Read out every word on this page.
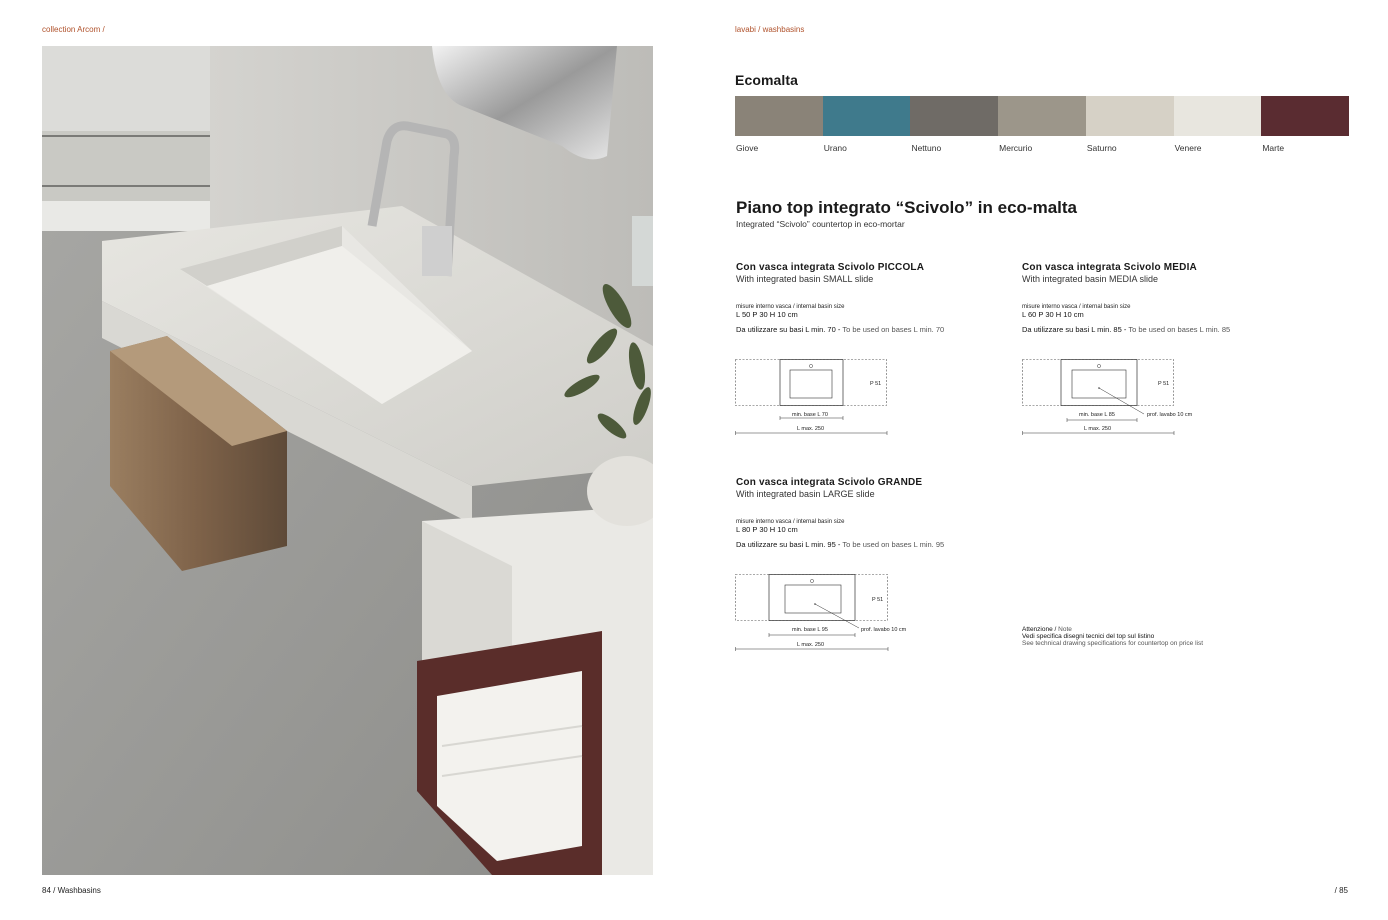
collection Arcom /	lavabi / washbasins
84 / Washbasins	/ 85
Ecomalta
Giove	Urano	Nettuno	Mercurio	Saturno	Venere	Marte
Piano top integrato “Scivolo” in eco-malta
Integrated “Scivolo” countertop in eco-mortar
Con vasca integrata Scivolo PICCOLA
With integrated basin SMALL slide
misure interno vasca / internal basin size
L 50 P 30 H 10 cm
Da utilizzare su basi L min. 70 - To be used on bases L min. 70
P 51
min. base L 70
L max. 250
Con vasca integrata Scivolo MEDIA
With integrated basin MEDIA slide
misure interno vasca / internal basin size
L 60 P 30 H 10 cm
Da utilizzare su basi L min. 85 - To be used on bases L min. 85
P 51
prof. lavabo 10 cm
min. base L 85
L max. 250
Con vasca integrata Scivolo GRANDE
With integrated basin LARGE slide
misure interno vasca / internal basin size
L 80 P 30 H 10 cm
Da utilizzare su basi L min. 95 - To be used on bases L min. 95
P 51
prof. lavabo 10 cm
min. base L 95
L max. 250
Attenzione / Note
Vedi specifica disegni tecnici del top sul listino
See technical drawing specifications for countertop on price list
